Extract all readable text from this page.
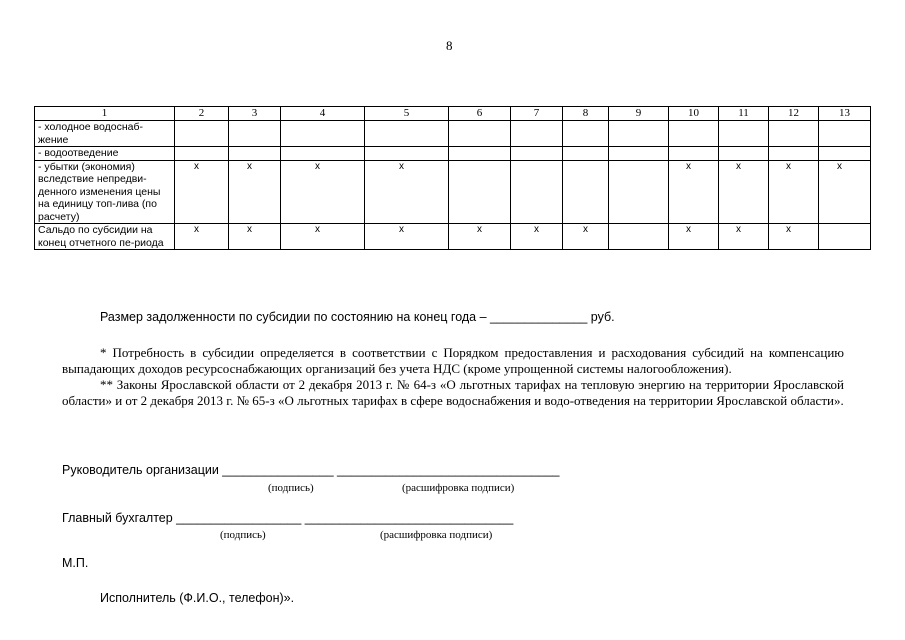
8
1	2	3	4	5	6	7	8	9	10	11	12	13
- холодное водоснаб-жение												
- водоотведение												
- убытки (экономия) вследствие непредви-денного изменения цены на единицу топ-лива (по расчету)	х	х	х	х					х	х	х	х
Сальдо по субсидии на конец отчетного пе-риода	х	х	х	х	х	х	х		х	х	х	
Размер задолженности по субсидии по состоянию на конец года – ______________ руб.

* Потребность в субсидии определяется в соответствии с Порядком предоставления и расходования субсидий на компенсацию выпадающих доходов ресурсоснабжающих организаций без учета НДС (кроме упрощенной системы налогообложения).

** Законы Ярославской области от 2 декабря 2013 г. № 64-з «О льготных тарифах на тепловую энергию на территории Ярославской области» и от 2 декабря 2013 г. № 65-з «О льготных тарифах в сфере водоснабжения и водо-отведения на территории Ярославской области».

Руководитель организации ________________ ________________________________
(подпись)	(расшифровка подписи)
Главный бухгалтер __________________ ______________________________
(подпись)	(расшифровка подписи)
М.П.
Исполнитель (Ф.И.О., телефон)».
